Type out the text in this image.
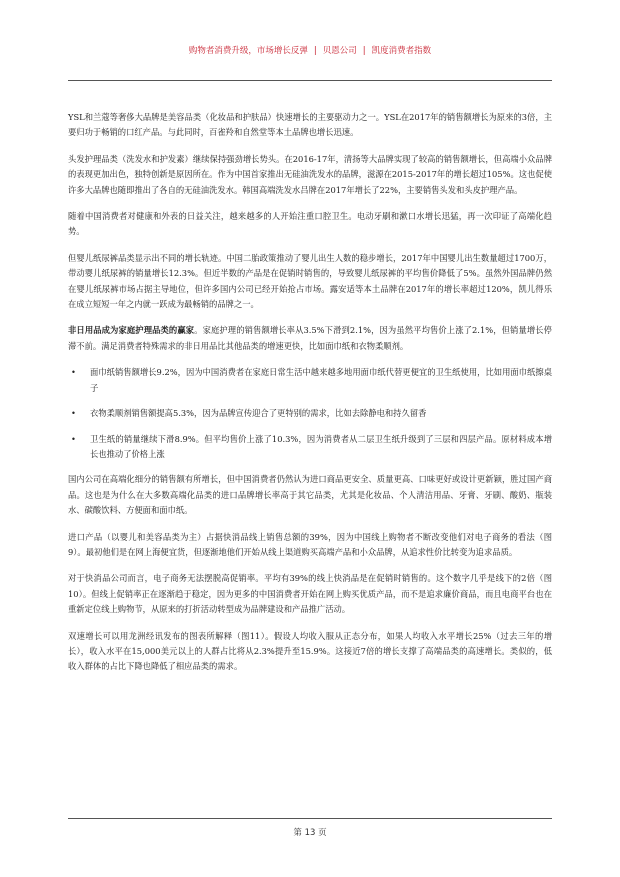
购物者消费升级，市场增长反弹 | 贝恩公司 | 凯度消费者指数

YSL和兰蔻等奢侈大品牌是美容品类（化妆品和护肤品）快速增长的主要驱动力之一。YSL在2017年的销售额增长为原来的3倍，主要归功于畅销的口红产品。与此同时，百雀羚和自然堂等本土品牌也增长迅速。

头发护理品类（洗发水和护发素）继续保持强劲增长势头。在2016-17年，清扬等大品牌实现了较高的销售额增长，但高端小众品牌的表现更加出色，独特创新是原因所在。作为中国首家推出无硅油洗发水的品牌，滋源在2015-2017年的增长超过105%。这也促使许多大品牌也随即推出了各自的无硅油洗发水。韩国高端洗发水吕牌在2017年增长了22%，主要销售头发和头皮护理产品。

随着中国消费者对健康和外表的日益关注，越来越多的人开始注重口腔卫生。电动牙刷和漱口水增长迅猛，再一次印证了高端化趋势。

但婴儿纸尿裤品类显示出不同的增长轨迹。中国二胎政策推动了婴儿出生人数的稳步增长，2017年中国婴儿出生数量超过1700万，带动婴儿纸尿裤的销量增长12.3%。但近半数的产品是在促销时销售的，导致婴儿纸尿裤的平均售价降低了5%。虽然外国品牌仍然在婴儿纸尿裤市场占据主导地位，但许多国内公司已经开始抢占市场。露安适等本土品牌在2017年的增长率超过120%，凯儿得乐在成立短短一年之内就一跃成为最畅销的品牌之一。

非日用品成为家庭护理品类的赢家。家庭护理的销售额增长率从3.5%下滑到2.1%，因为虽然平均售价上涨了2.1%，但销量增长停滞不前。满足消费者特殊需求的非日用品比其他品类的增速更快，比如面巾纸和衣物柔顺剂。

• 面巾纸销售额增长9.2%，因为中国消费者在家庭日常生活中越来越多地用面巾纸代替更便宜的卫生纸使用，比如用面巾纸擦桌子
• 衣物柔顺剂销售额提高5.3%，因为品牌宣传迎合了更特别的需求，比如去除静电和持久留香
• 卫生纸的销量继续下滑8.9%。但平均售价上涨了10.3%，因为消费者从二层卫生纸升级到了三层和四层产品。原材料成本增长也推动了价格上涨

国内公司在高端化细分的销售额有所增长，但中国消费者仍然认为进口商品更安全、质量更高、口味更好或设计更新颖，胜过国产商品。这也是为什么在大多数高端化品类的进口品牌增长率高于其它品类，尤其是化妆品、个人清洁用品、牙膏、牙刷、酸奶、瓶装水、碳酸饮料、方便面和面巾纸。

进口产品（以婴儿和美容品类为主）占据快消品线上销售总额的39%，因为中国线上购物者不断改变他们对电子商务的看法（图9）。最初他们是在网上海便宜货，但逐渐地他们开始从线上渠道购买高端产品和小众品牌，从追求性价比转变为追求品质。

对于快消品公司而言，电子商务无法摆脱高促销率。平均有39%的线上快消品是在促销时销售的。这个数字几乎是线下的2倍（图10）。但线上促销率正在逐渐趋于稳定，因为更多的中国消费者开始在网上购买优质产品，而不是追求廉价商品，而且电商平台也在重新定位线上购物节，从原来的打折活动转型成为品牌建设和产品推广活动。

双速增长可以用龙洲经讯发布的图表所解释（图11）。假设人均收入服从正态分布，如果人均收入水平增长25%（过去三年的增长），收入水平在15,000美元以上的人群占比将从2.3%提升至15.9%。这接近7倍的增长支撑了高端品类的高速增长。类似的，低收入群体的占比下降也降低了相应品类的需求。

第 13 页
